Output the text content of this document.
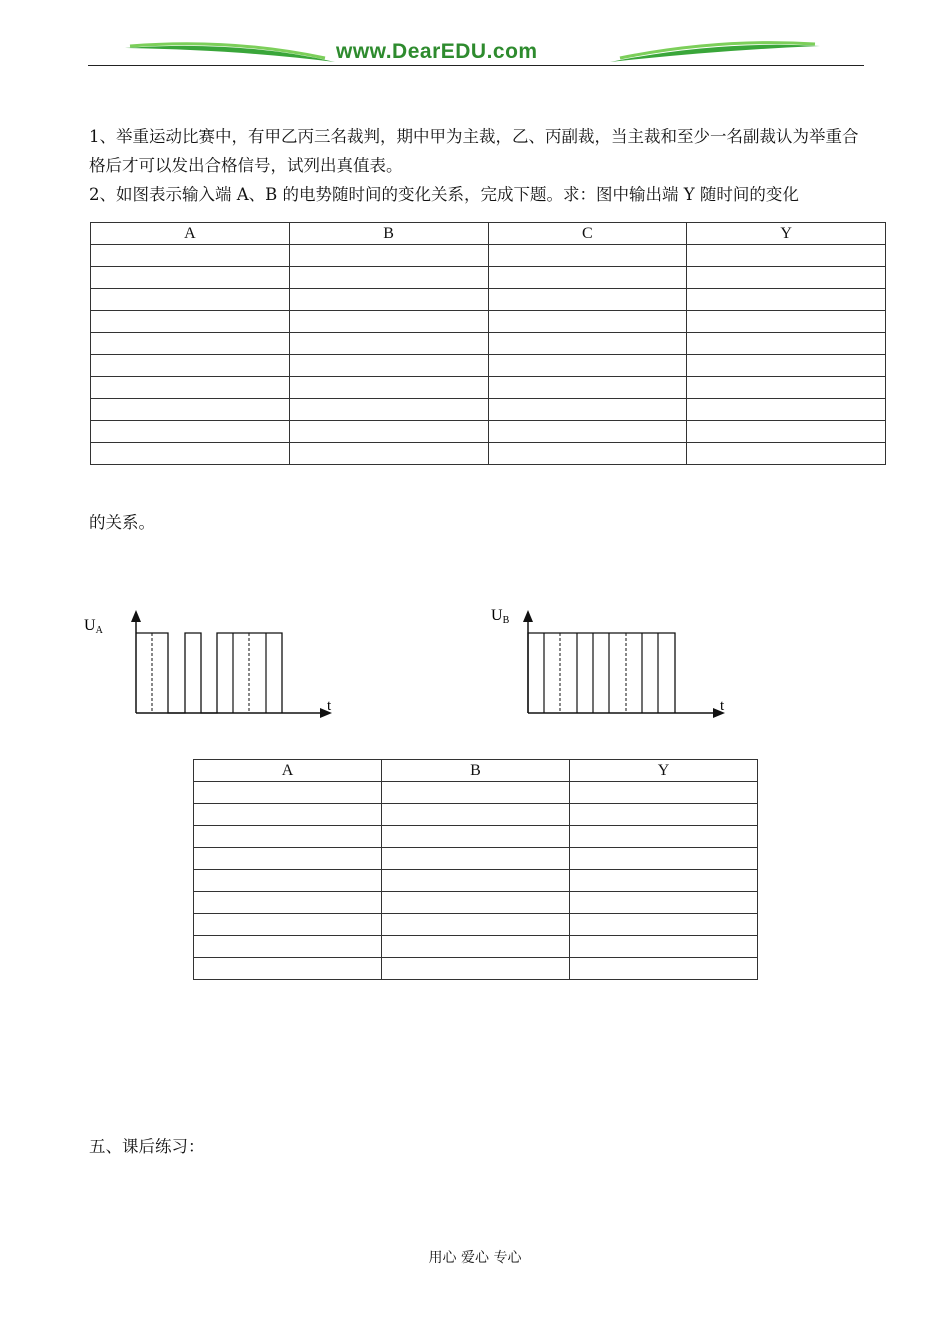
www.DearEDU.com
1、举重运动比赛中，有甲乙丙三名裁判，期中甲为主裁，乙、丙副裁，当主裁和至少一名副裁认为举重合格后才可以发出合格信号，试列出真值表。
2、如图表示输入端 A、B 的电势随时间的变化关系，完成下题。求：图中输出端 Y 随时间的变化
A	B	C	Y

的关系。
UA
t
UB
t
A	B	Y

五、课后练习：
用心 爱心 专心
